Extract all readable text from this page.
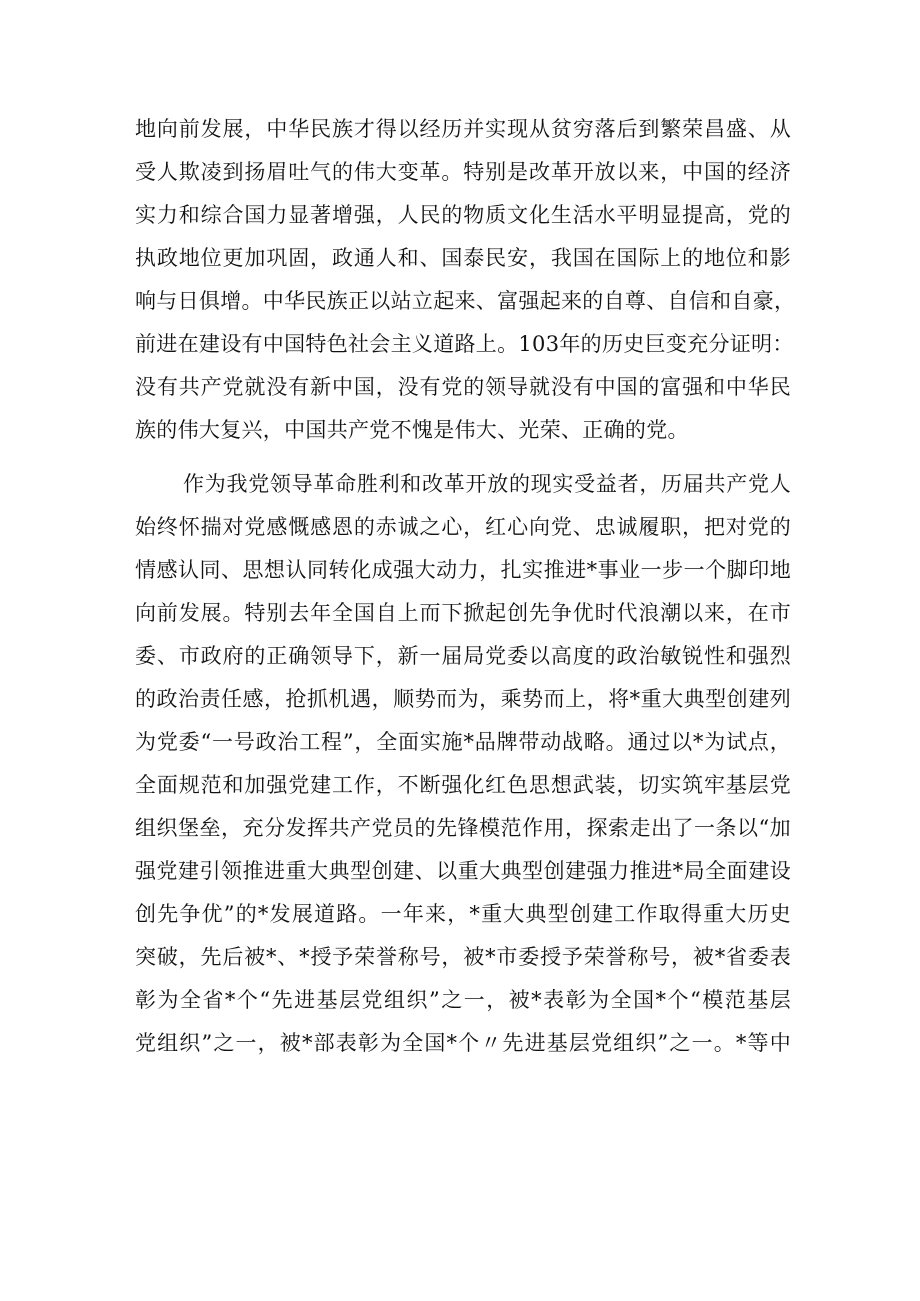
地向前发展，中华民族才得以经历并实现从贫穷落后到繁荣昌盛、从
受人欺凌到扬眉吐气的伟大变革。特别是改革开放以来，中国的经济
实力和综合国力显著增强，人民的物质文化生活水平明显提高，党的
执政地位更加巩固，政通人和、国泰民安，我国在国际上的地位和影
响与日俱增。中华民族正以站立起来、富强起来的自尊、自信和自豪，
前进在建设有中国特色社会主义道路上。103年的历史巨变充分证明：
没有共产党就没有新中国，没有党的领导就没有中国的富强和中华民
族的伟大复兴，中国共产党不愧是伟大、光荣、正确的党。
作为我党领导革命胜利和改革开放的现实受益者，历届共产党人
始终怀揣对党感慨感恩的赤诚之心，红心向党、忠诚履职，把对党的
情感认同、思想认同转化成强大动力，扎实推进*事业一步一个脚印地
向前发展。特别去年全国自上而下掀起创先争优时代浪潮以来，在市
委、市政府的正确领导下，新一届局党委以高度的政治敏锐性和强烈
的政治责任感，抢抓机遇，顺势而为，乘势而上，将*重大典型创建列
为党委“一号政治工程”，全面实施*品牌带动战略。通过以*为试点，
全面规范和加强党建工作，不断强化红色思想武装，切实筑牢基层党
组织堡垒，充分发挥共产党员的先锋模范作用，探索走出了一条以“加
强党建引领推进重大典型创建、以重大典型创建强力推进*局全面建设
创先争优”的*发展道路。一年来，*重大典型创建工作取得重大历史
突破，先后被*、*授予荣誉称号，被*市委授予荣誉称号，被*省委表
彰为全省*个“先进基层党组织”之一，被*表彰为全国*个“模范基层
党组织”之一，被*部表彰为全国*个〃先进基层党组织”之一。*等中
